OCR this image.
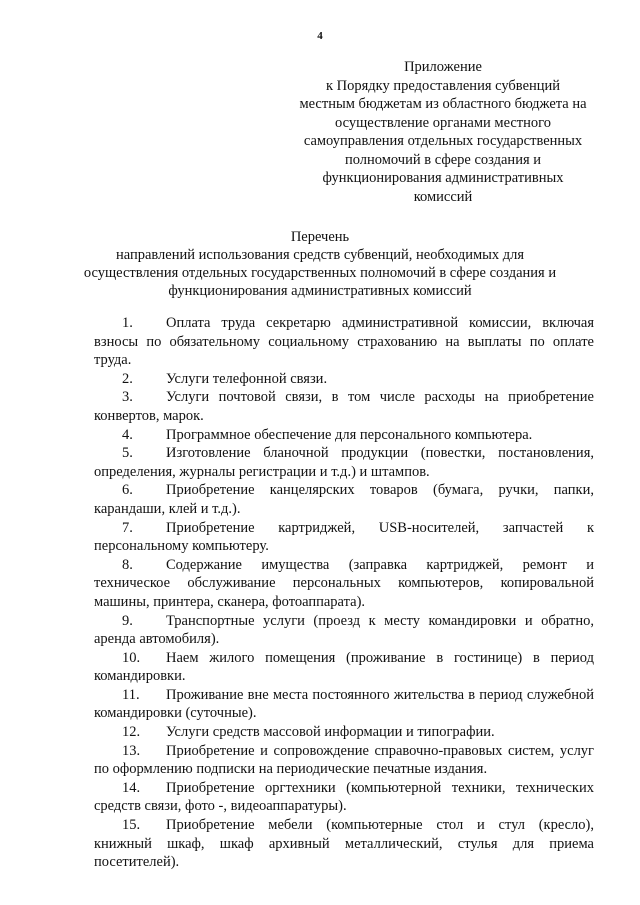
4
Приложение
к Порядку предоставления субвенций
местным бюджетам из областного бюджета на
осуществление органами местного
самоуправления отдельных государственных
полномочий в сфере создания и
функционирования административных
комиссий
Перечень
направлений использования средств субвенций, необходимых для
осуществления отдельных государственных полномочий в сфере создания и
функционирования административных комиссий

1. Оплата труда секретарю административной комиссии, включая взносы по обязательному социальному страхованию на выплаты по оплате труда.

2. Услуги телефонной связи.

3. Услуги почтовой связи, в том числе расходы на приобретение конвертов, марок.

4. Программное обеспечение для персонального компьютера.

5. Изготовление бланочной продукции (повестки, постановления, определения, журналы регистрации и т.д.) и штампов.

6. Приобретение канцелярских товаров (бумага, ручки, папки, карандаши, клей и т.д.).

7. Приобретение картриджей, USB-носителей, запчастей к персональному компьютеру.

8. Содержание имущества (заправка картриджей, ремонт и техническое обслуживание персональных компьютеров, копировальной машины, принтера, сканера, фотоаппарата).

9. Транспортные услуги (проезд к месту командировки и обратно, аренда автомобиля).

10. Наем жилого помещения (проживание в гостинице) в период командировки.

11. Проживание вне места постоянного жительства в период служебной командировки (суточные).

12. Услуги средств массовой информации и типографии.

13. Приобретение и сопровождение справочно-правовых систем, услуг по оформлению подписки на периодические печатные издания.

14. Приобретение оргтехники (компьютерной техники, технических средств связи, фото -, видеоаппаратуры).

15. Приобретение мебели (компьютерные стол и стул (кресло), книжный шкаф, шкаф архивный металлический, стулья для приема посетителей).
